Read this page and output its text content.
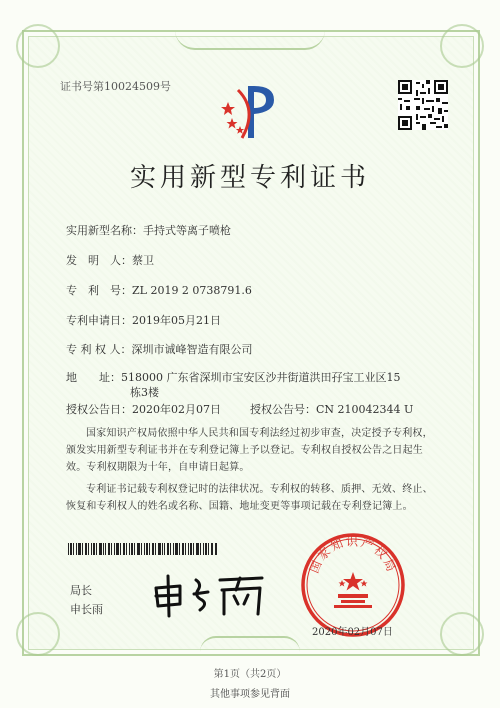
证书号第10024509号
实用新型专利证书
实用新型名称：手持式等离子喷枪
发　明　人：蔡卫
专　利　号：ZL 2019 2 0738791.6
专利申请日：2019年05月21日
专 利 权 人：深圳市诚峰智造有限公司
地　　址：518000 广东省深圳市宝安区沙井街道洪田孖宝工业区15
栋3楼
授权公告日：2020年02月07日	授权公告号：CN 210042344 U
国家知识产权局依照中华人民共和国专利法经过初步审查，决定授予专利权，颁发实用新型专利证书并在专利登记簿上予以登记。专利权自授权公告之日起生效。专利权期限为十年，自申请日起算。
专利证书记载专利权登记时的法律状况。专利权的转移、质押、无效、终止、恢复和专利权人的姓名或名称、国籍、地址变更等事项记载在专利登记簿上。
局长
申长雨
国家知识产权局
2020年02月07日
第1页（共2页）
其他事项参见背面
